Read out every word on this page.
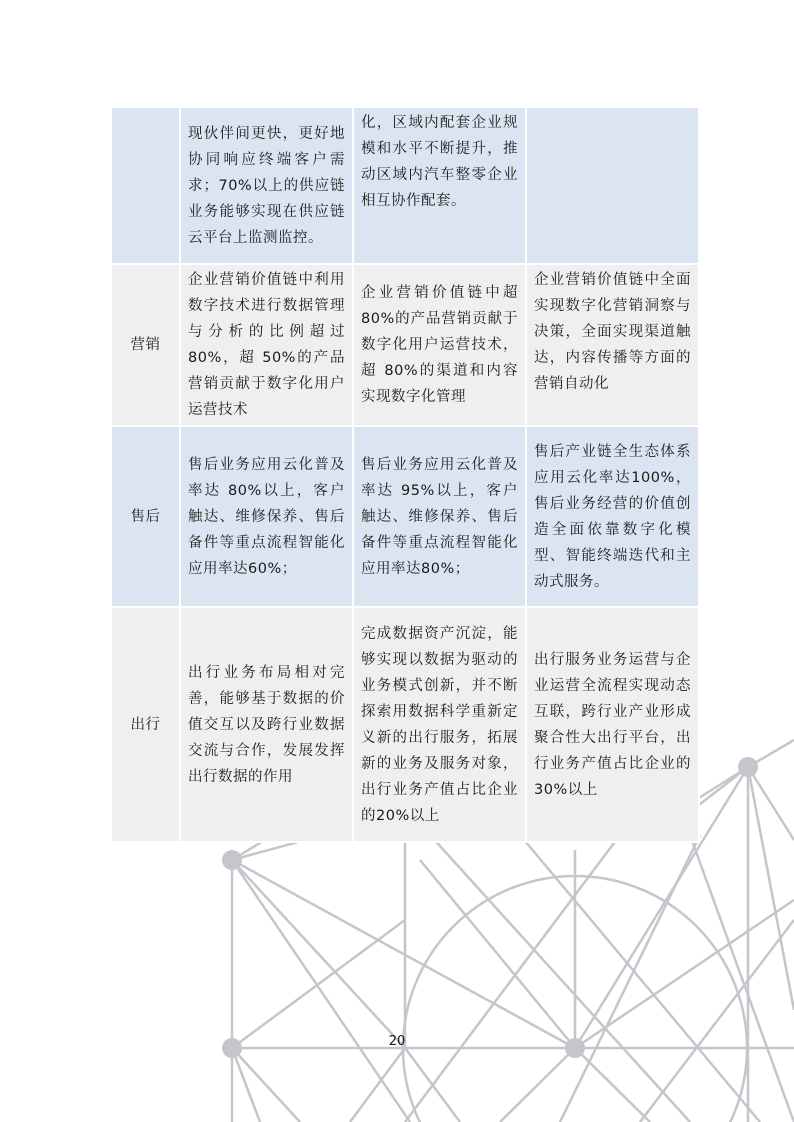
	现伙伴间更快，更好地协同响应终端客户需求；70%以上的供应链业务能够实现在供应链云平台上监测监控。	化，区域内配套企业规模和水平不断提升，推动区域内汽车整零企业相互协作配套。	
营销	企业营销价值链中利用数字技术进行数据管理与分析的比例超过 80%，超 50%的产品营销贡献于数字化用户运营技术	企业营销价值链中超80%的产品营销贡献于数字化用户运营技术，超 80%的渠道和内容实现数字化管理	企业营销价值链中全面实现数字化营销洞察与决策，全面实现渠道触达，内容传播等方面的营销自动化
售后	售后业务应用云化普及率达 80%以上，客户触达、维修保养、售后备件等重点流程智能化应用率达60%；	售后业务应用云化普及率达 95%以上，客户触达、维修保养、售后备件等重点流程智能化应用率达80%；	售后产业链全生态体系应用云化率达100%，售后业务经营的价值创造全面依靠数字化模型、智能终端迭代和主动式服务。
出行	出行业务布局相对完善，能够基于数据的价值交互以及跨行业数据交流与合作，发展发挥出行数据的作用	完成数据资产沉淀，能够实现以数据为驱动的业务模式创新，并不断探索用数据科学重新定义新的出行服务，拓展新的业务及服务对象，出行业务产值占比企业的20%以上	出行服务业务运营与企业运营全流程实现动态互联，跨行业产业形成聚合性大出行平台，出行业务产值占比企业的 30%以上
20
